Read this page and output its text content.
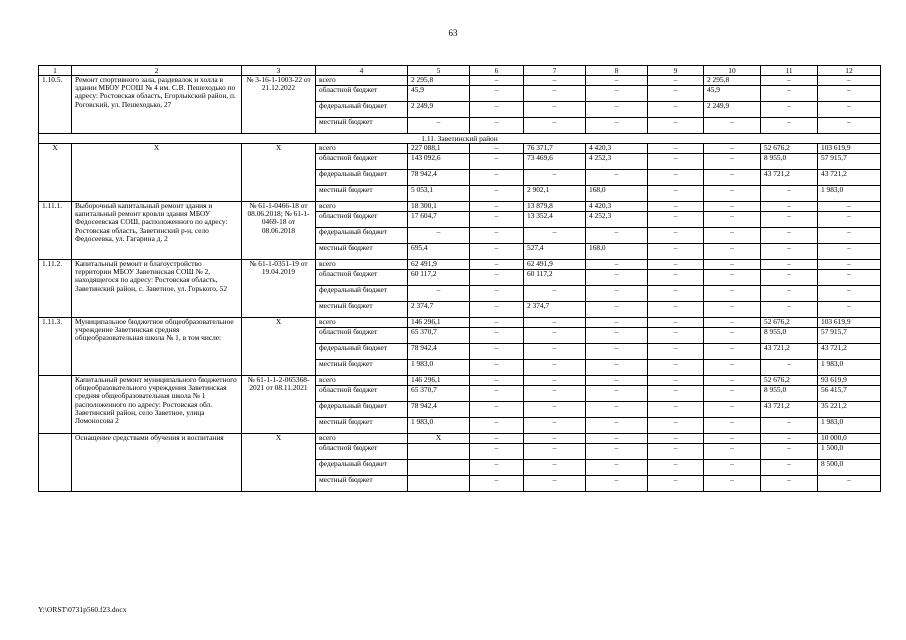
63
1	2	3	4	5	6	7	8	9	10	11	12
1.10.5.	Ремонт спортивного зала, раздевалок и холла в здании МБОУ РСОШ № 4 им. С.В. Пешеходько по адресу: Ростовская область, Егорлыкский район, п. Роговский, ул. Пешеходько, 27	№ 3-16-1-1003-22 от 21.12.2022	всего	2 295,8	–	–	–	–	2 295,8	–	–
			областной бюджет	45,9	–	–	–	–	45,9	–	–
			федеральный бюджет	2 249,9	–	–	–	–	2 249,9	–	–
			местный бюджет	–	–	–	–	–	–	–	–
1.11. Заветинский район											
X	X	X	всего	227 088,1	–	76 371,7	4 420,3	–	–	52 676,2	103 619,9
			областной бюджет	143 092,6	–	73 469,6	4 252,3	–	–	8 955,0	57 915,7
			федеральный бюджет	78 942,4	–	–	–	–	–	43 721,2	43 721,2
			местный бюджет	5 053,1	–	2 902,1	168,0	–	–	–	1 983,0
1.11.1.	Выборочный капитальный ремонт здания и капитальный ремонт кровли здания МБОУ Федосеевская СОШ, расположенного по адресу: Ростовская область, Заветинский р-н, село Федосеевка, ул. Гагарина д. 2	№ 61-1-0466-18 от 08.06.2018; № 61-1-0469-18 от 08.06.2018	всего	18 300,1	–	13 879,8	4 420,3	–	–	–	–
			областной бюджет	17 604,7	–	13 352,4	4 252,3	–	–	–	–
			федеральный бюджет	–	–	–	–	–	–	–	–
			местный бюджет	695,4	–	527,4	168,0	–	–	–	–
1.11.2.	Капитальный ремонт и благоустройство территории МБОУ Заветинская СОШ № 2, находящегося по адресу: Ростовская область, Заветинский район, с. Заветное, ул. Горького, 52	№ 61-1-0351-19 от 19.04.2019	всего	62 491,9	–	62 491,9	–	–	–	–	–
			областной бюджет	60 117,2	–	60 117,2	–	–	–	–	–
			федеральный бюджет	–	–	–	–	–	–	–	–
			местный бюджет	2 374,7	–	2 374,7	–	–	–	–	–
1.11.3.	Муниципальное бюджетное общеобразовательное учреждение Заветинская средняя общеобразовательная школа № 1, в том числе:	X	всего	146 296,1	–	–	–	–	–	52 676,2	103 619,9
			областной бюджет	65 370,7	–	–	–	–	–	8 955,0	57 915,7
			федеральный бюджет	78 942,4	–	–	–	–	–	43 721,2	43 721,2
			местный бюджет	1 983,0	–	–	–	–	–	–	1 983,0
	Капитальный ремонт муниципального бюджетного общеобразовательного учреждения Заветинская средняя общеобразовательная школа № 1 расположенного по адресу: Ростовская обл. Заветинский район, село Заветное, улица Ломоносова 2	№ 61-1-1-2-065368-2021 от 08.11.2021	всего	146 296,1	–	–	–	–	–	52 676,2	93 619,9
			областной бюджет	65 370,7	–	–	–	–	–	8 955,0	56 415,7
			федеральный бюджет	78 942,4	–	–	–	–	–	43 721,2	35 221,2
			местный бюджет	1 983,0	–	–	–	–	–	–	1 983,0
	Оснащение средствами обучения и воспитания	X	всего	X	–	–	–	–	–	–	10 000,0
			областной бюджет		–	–	–	–	–	–	1 500,0
			федеральный бюджет		–	–	–	–	–	–	8 500,0
			местный бюджет		–	–	–	–	–	–	–
Y:\ORST\0731p560.f23.docx
